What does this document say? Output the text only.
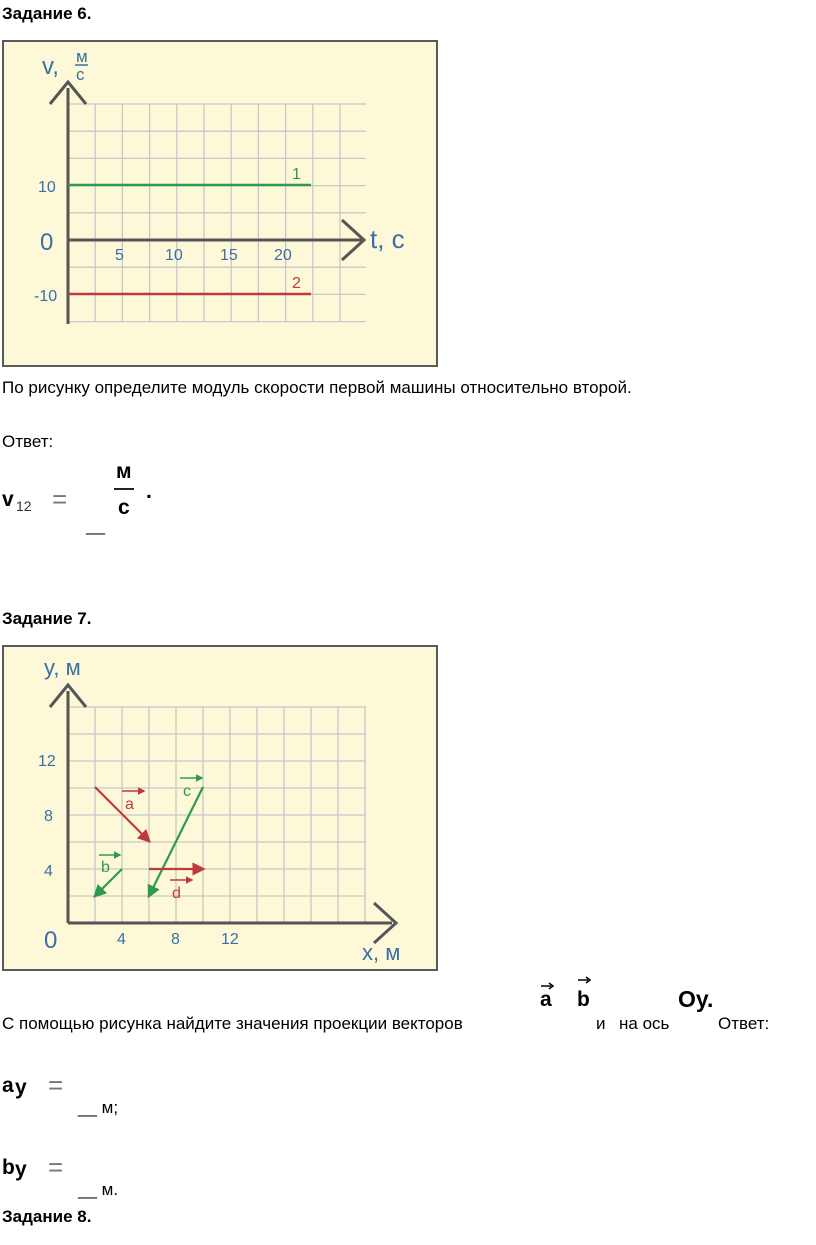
Задание 6.
v, м
с
t, с
0
10
-10
5	10 15 20
1
2
По рисунку определите модуль скорости первой машины относительно второй.
Ответ:
v 12 =
м
с
__
.
Задание 7.
a
b
c
d
y, м
x, м
0
12
8
4
4	8	12
С помощью рисунка найдите значения проекции векторов
a b
и на ось
Oy.
Ответ:
a y =
__ м;
b y =
__ м.
Задание 8.
